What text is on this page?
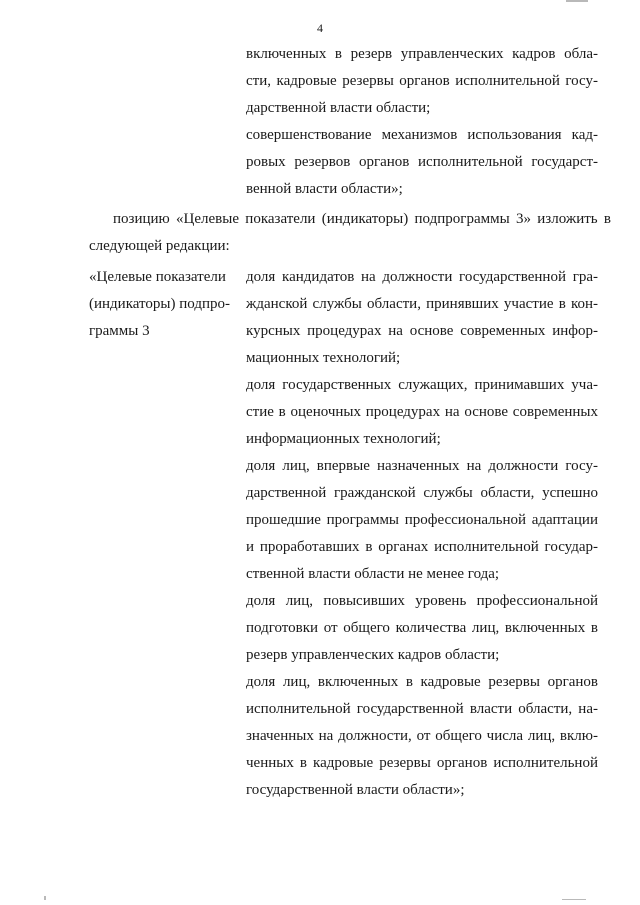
4
включенных в резерв управленческих кадров обла-
сти, кадровые резервы органов исполнительной госу-
дарственной власти области;
совершенствование механизмов использования кад-
ровых резервов органов исполнительной государст-
венной власти области»;
позицию «Целевые показатели (индикаторы) подпрограммы 3» изложить в
следующей редакции:
«Целевые показатели
(индикаторы) подпро-
граммы 3
доля кандидатов на должности государственной гра-
жданской службы области, принявших участие в кон-
курсных процедурах на основе современных инфор-
мационных технологий;
доля государственных служащих, принимавших уча-
стие в оценочных процедурах на основе современных
информационных технологий;
доля лиц, впервые назначенных на должности госу-
дарственной гражданской службы области, успешно
прошедшие программы профессиональной адаптации
и проработавших в органах исполнительной государ-
ственной власти области не менее года;
доля лиц, повысивших уровень профессиональной
подготовки от общего количества лиц, включенных в
резерв управленческих кадров области;
доля лиц, включенных в кадровые резервы органов
исполнительной государственной власти области, на-
значенных на должности, от общего числа лиц, вклю-
ченных в кадровые резервы органов исполнительной
государственной власти области»;
